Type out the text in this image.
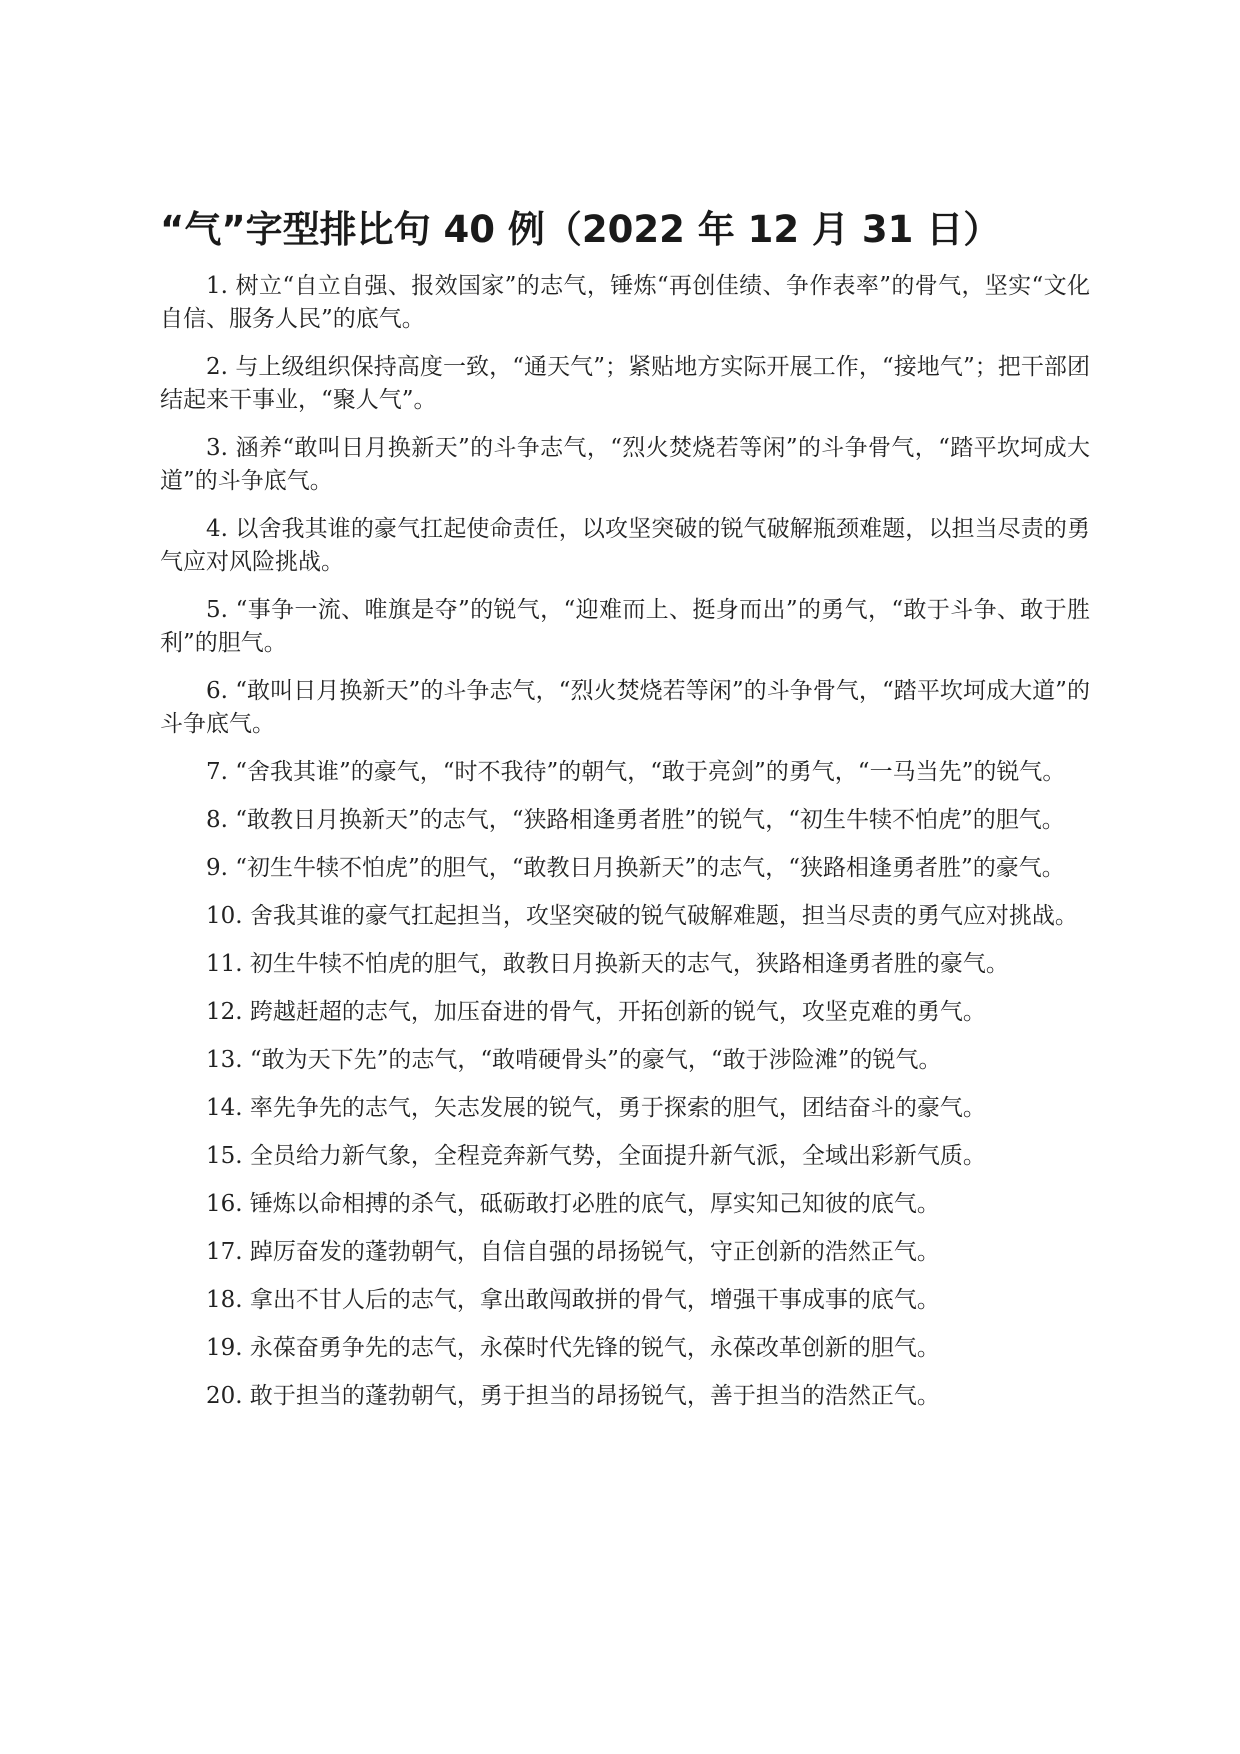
“气”字型排比句 40 例（2022 年 12 月 31 日）

1. 树立“自立自强、报效国家”的志气，锤炼“再创佳绩、争作表率”的骨气，坚实“文化自信、服务人民”的底气。

2. 与上级组织保持高度一致，“通天气”；紧贴地方实际开展工作，“接地气”；把干部团结起来干事业，“聚人气”。

3. 涵养“敢叫日月换新天”的斗争志气，“烈火焚烧若等闲”的斗争骨气，“踏平坎坷成大道”的斗争底气。

4. 以舍我其谁的豪气扛起使命责任，以攻坚突破的锐气破解瓶颈难题，以担当尽责的勇气应对风险挑战。

5. “事争一流、唯旗是夺”的锐气，“迎难而上、挺身而出”的勇气，“敢于斗争、敢于胜利”的胆气。

6. “敢叫日月换新天”的斗争志气，“烈火焚烧若等闲”的斗争骨气，“踏平坎坷成大道”的斗争底气。

7. “舍我其谁”的豪气，“时不我待”的朝气，“敢于亮剑”的勇气，“一马当先”的锐气。

8. “敢教日月换新天”的志气，“狭路相逢勇者胜”的锐气，“初生牛犊不怕虎”的胆气。

9. “初生牛犊不怕虎”的胆气，“敢教日月换新天”的志气，“狭路相逢勇者胜”的豪气。

10. 舍我其谁的豪气扛起担当，攻坚突破的锐气破解难题，担当尽责的勇气应对挑战。

11. 初生牛犊不怕虎的胆气，敢教日月换新天的志气，狭路相逢勇者胜的豪气。

12. 跨越赶超的志气，加压奋进的骨气，开拓创新的锐气，攻坚克难的勇气。

13. “敢为天下先”的志气，“敢啃硬骨头”的豪气，“敢于涉险滩”的锐气。

14. 率先争先的志气，矢志发展的锐气，勇于探索的胆气，团结奋斗的豪气。

15. 全员给力新气象，全程竞奔新气势，全面提升新气派，全域出彩新气质。

16. 锤炼以命相搏的杀气，砥砺敢打必胜的底气，厚实知己知彼的底气。

17. 踔厉奋发的蓬勃朝气，自信自强的昂扬锐气，守正创新的浩然正气。

18. 拿出不甘人后的志气，拿出敢闯敢拼的骨气，增强干事成事的底气。

19. 永葆奋勇争先的志气，永葆时代先锋的锐气，永葆改革创新的胆气。

20. 敢于担当的蓬勃朝气，勇于担当的昂扬锐气，善于担当的浩然正气。
